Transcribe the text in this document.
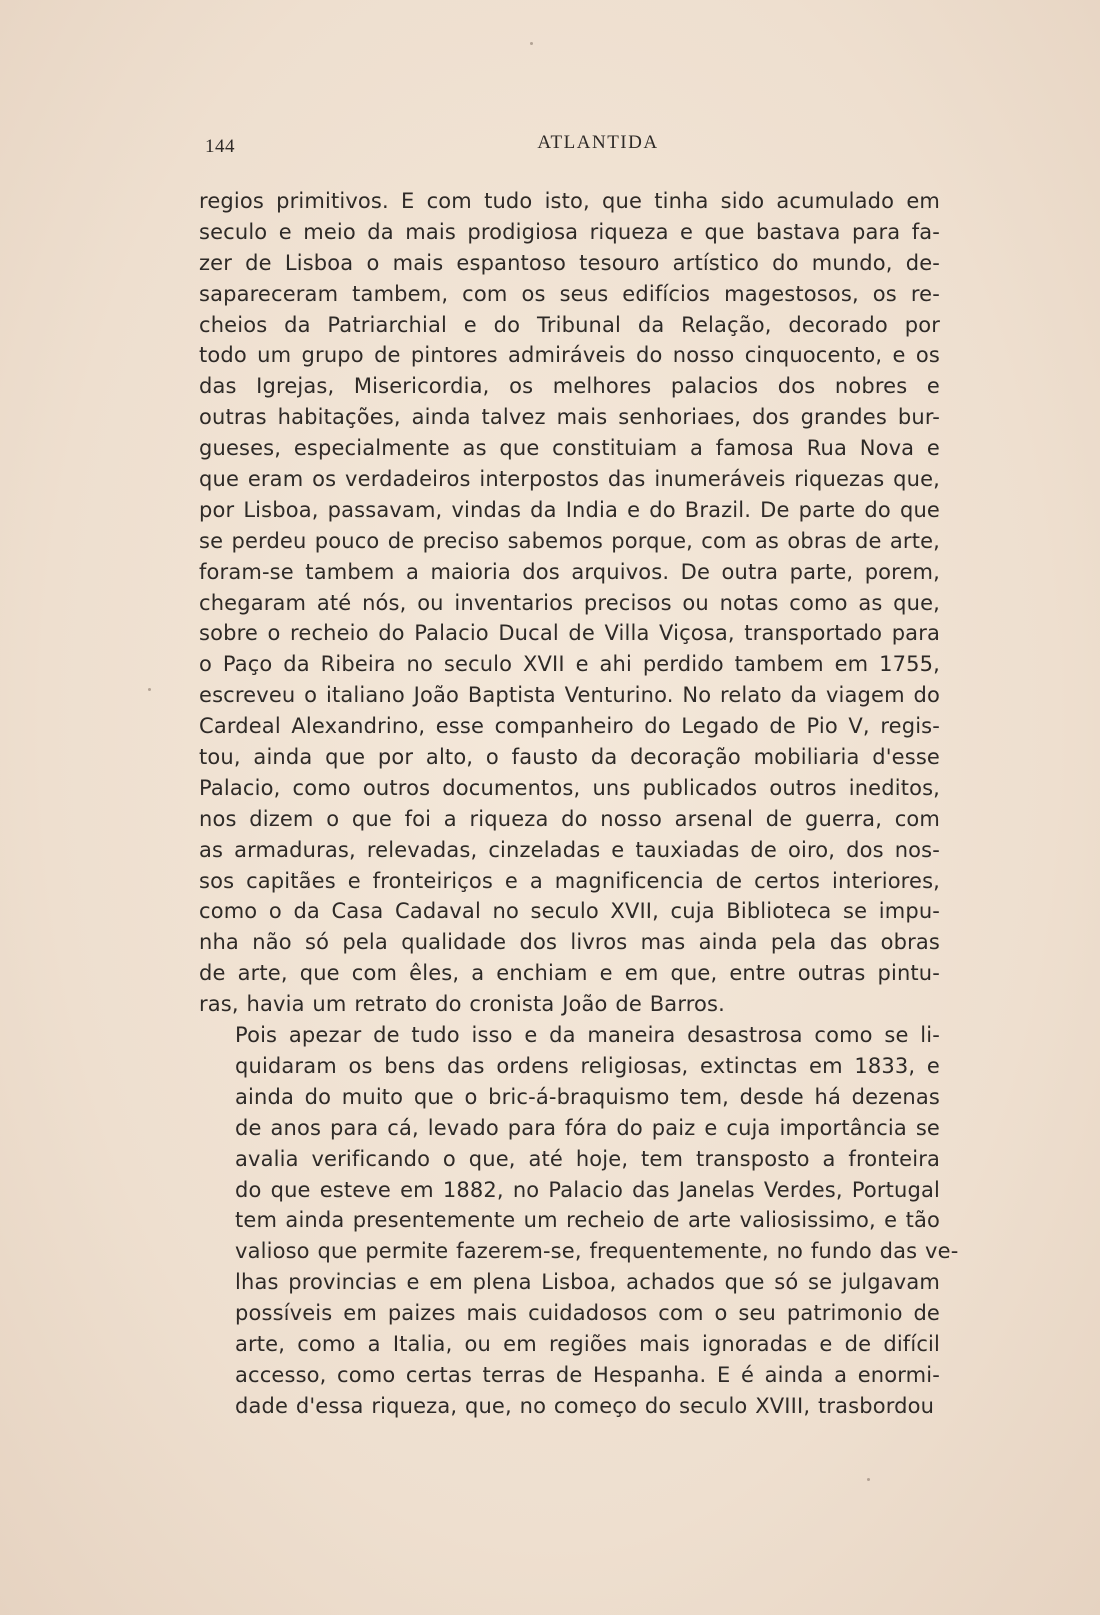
144	ATLANTIDA

regios primitivos. E com tudo isto, que tinha sido acumulado em
seculo e meio da mais prodigiosa riqueza e que bastava para fa-
zer de Lisboa o mais espantoso tesouro artístico do mundo, de-
sapareceram tambem, com os seus edifícios magestosos, os re-
cheios da Patriarchial e do Tribunal da Relação, decorado por
todo um grupo de pintores admiráveis do nosso cinquocento, e os
das Igrejas, Misericordia, os melhores palacios dos nobres e
outras habitações, ainda talvez mais senhoriaes, dos grandes bur-
gueses, especialmente as que constituiam a famosa Rua Nova e
que eram os verdadeiros interpostos das inumeráveis riquezas que,
por Lisboa, passavam, vindas da India e do Brazil. De parte do que
se perdeu pouco de preciso sabemos porque, com as obras de arte,
foram-se tambem a maioria dos arquivos. De outra parte, porem,
chegaram até nós, ou inventarios precisos ou notas como as que,
sobre o recheio do Palacio Ducal de Villa Viçosa, transportado para
o Paço da Ribeira no seculo XVII e ahi perdido tambem em 1755,
escreveu o italiano João Baptista Venturino. No relato da viagem do
Cardeal Alexandrino, esse companheiro do Legado de Pio V, regis-
tou, ainda que por alto, o fausto da decoração mobiliaria d'esse
Palacio, como outros documentos, uns publicados outros ineditos,
nos dizem o que foi a riqueza do nosso arsenal de guerra, com
as armaduras, relevadas, cinzeladas e tauxiadas de oiro, dos nos-
sos capitães e fronteiriços e a magnificencia de certos interiores,
como o da Casa Cadaval no seculo XVII, cuja Biblioteca se impu-
nha não só pela qualidade dos livros mas ainda pela das obras
de arte, que com êles, a enchiam e em que, entre outras pintu-
ras, havia um retrato do cronista João de Barros.

Pois apezar de tudo isso e da maneira desastrosa como se li-
quidaram os bens das ordens religiosas, extinctas em 1833, e
ainda do muito que o bric-á-braquismo tem, desde há dezenas
de anos para cá, levado para fóra do paiz e cuja importância se
avalia verificando o que, até hoje, tem transposto a fronteira
do que esteve em 1882, no Palacio das Janelas Verdes, Portugal
tem ainda presentemente um recheio de arte valiosissimo, e tão
valioso que permite fazerem-se, frequentemente, no fundo das ve-
lhas provincias e em plena Lisboa, achados que só se julgavam
possíveis em paizes mais cuidadosos com o seu patrimonio de
arte, como a Italia, ou em regiões mais ignoradas e de difícil
accesso, como certas terras de Hespanha. E é ainda a enormi-
dade d'essa riqueza, que, no começo do seculo XVIII, trasbordou
